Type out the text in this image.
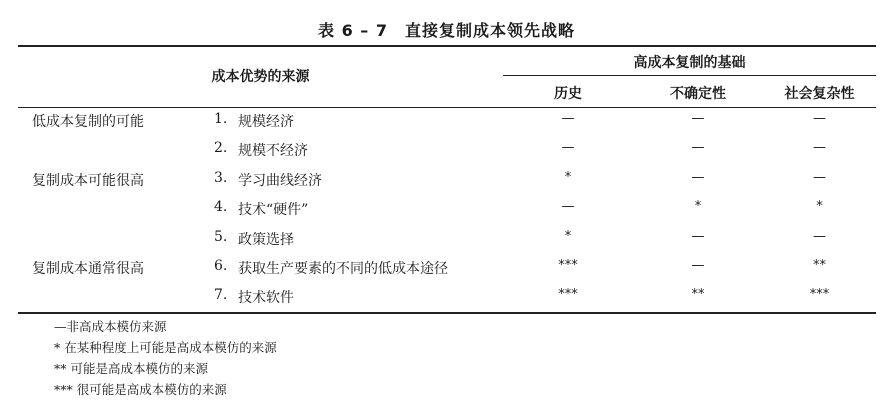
表 6 – 7　直接复制成本领先战略
成本优势的来源
高成本复制的基础
历史	不确定性	社会复杂性
低成本复制的可能	1. 规模经济	—	—	—
2. 规模不经济	—	—	—
复制成本可能很高	3. 学习曲线经济	*	—	—
4. 技术“硬件”	—	*	*
5. 政策选择	*	—	—
复制成本通常很高	6. 获取生产要素的不同的低成本途径	***	—	**
7. 技术软件	***	**	***
—非高成本模仿来源
* 在某种程度上可能是高成本模仿的来源
** 可能是高成本模仿的来源
*** 很可能是高成本模仿的来源
